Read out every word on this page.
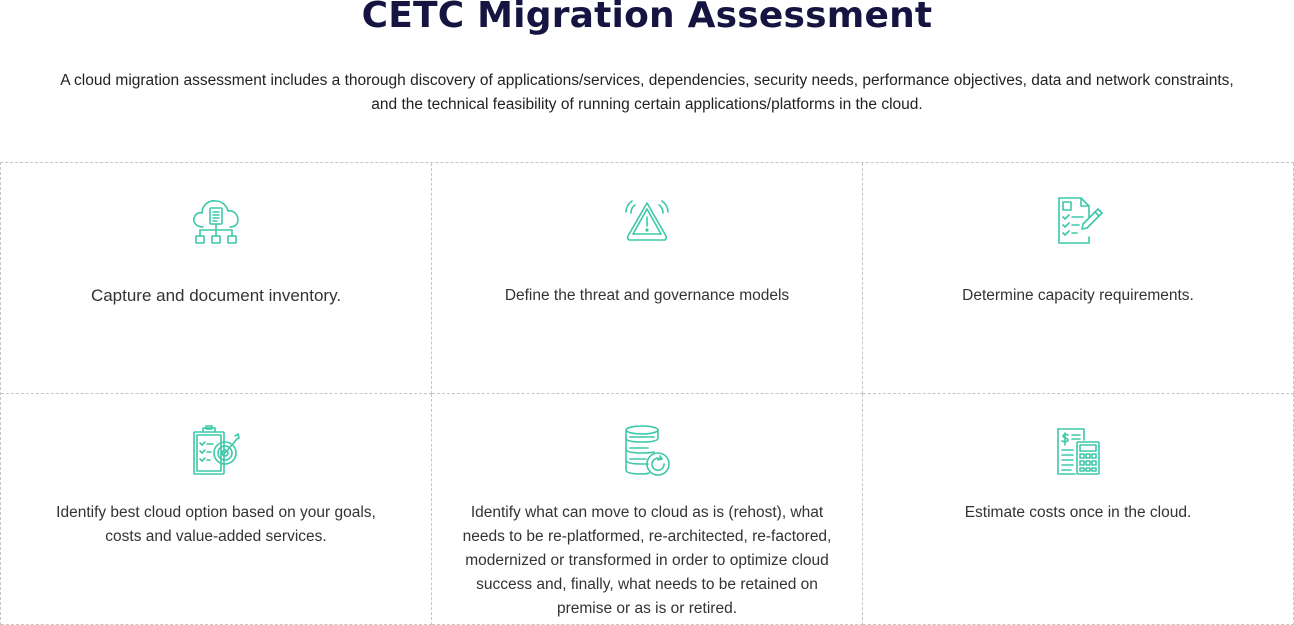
CETC Migration Assessment

A cloud migration assessment includes a thorough discovery of applications/services, dependencies, security needs, performance objectives, data and network constraints, and the technical feasibility of running certain applications/platforms in the cloud.

Capture and document inventory.	Define the threat and governance models	Determine capacity requirements.

Identify best cloud option based on your goals, costs and value-added services.

Identify what can move to cloud as is (rehost), what needs to be re-platformed, re-architected, re-factored, modernized or transformed in order to optimize cloud success and, finally, what needs to be retained on premise or as is or retired.

Estimate costs once in the cloud.
